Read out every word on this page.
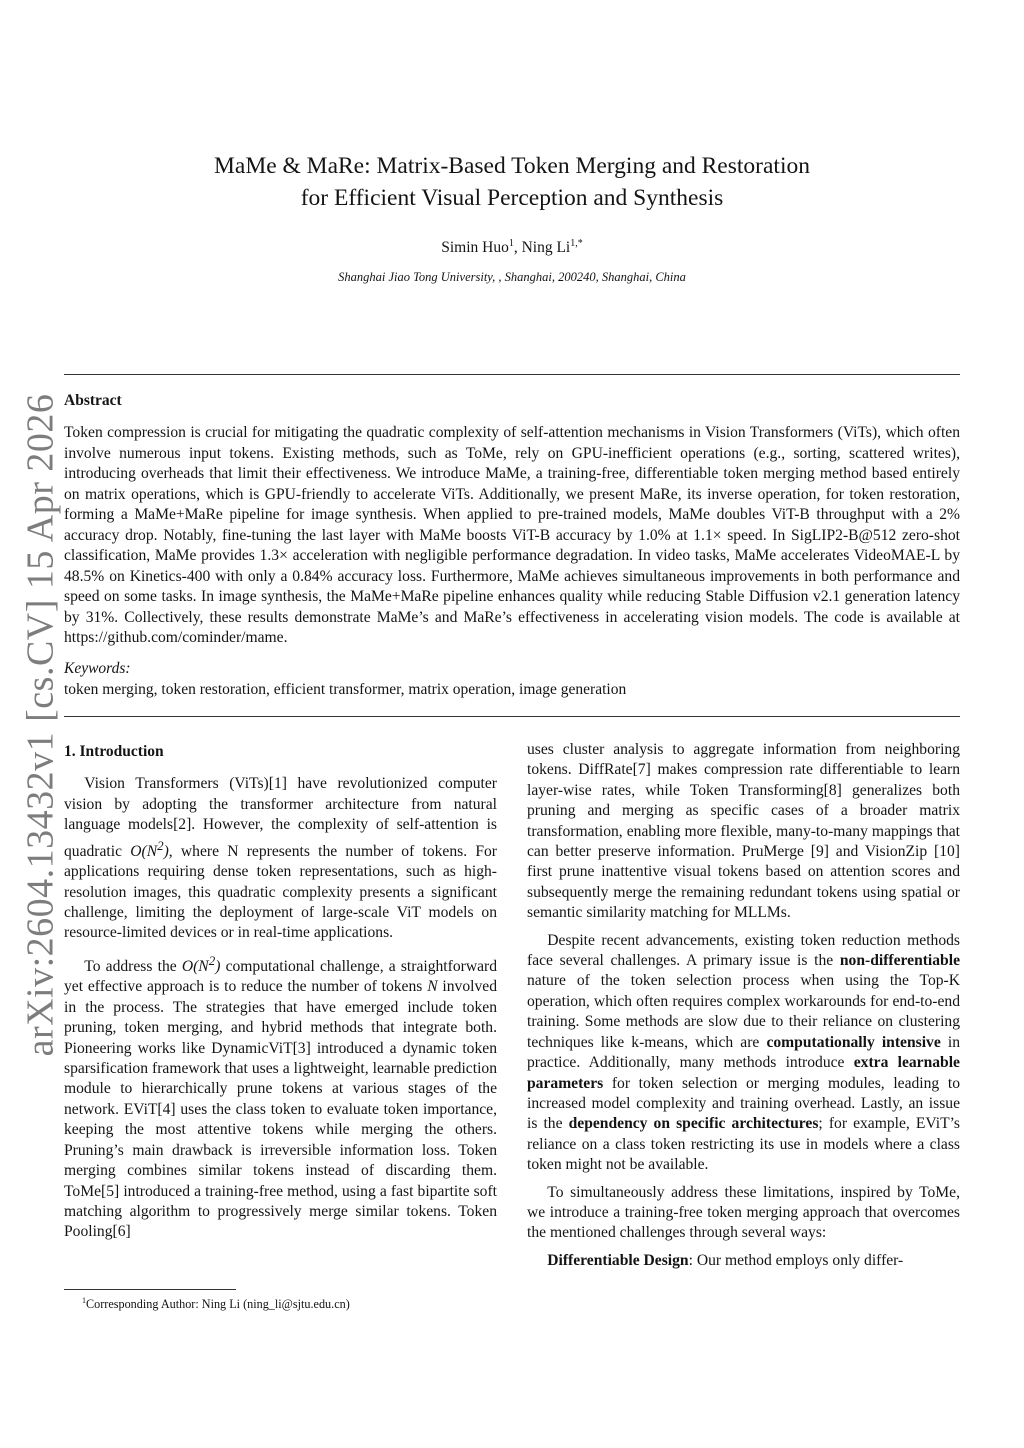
arXiv:2604.13432v1 [cs.CV] 15 Apr 2026
MaMe & MaRe: Matrix-Based Token Merging and Restoration
for Efficient Visual Perception and Synthesis
Simin Huo$^1$, Ning $Li^{1,*}$
Shanghai Jiao Tong University, , Shanghai, 200240, Shanghai, China
Abstract

Token compression is crucial for mitigating the quadratic complexity of self-attention mechanisms in Vision Transformers (ViTs), which often involve numerous input tokens. Existing methods, such as ToMe, rely on GPU-inefficient operations (e.g., sorting, scattered writes), introducing overheads that limit their effectiveness. We introduce MaMe, a training-free, differentiable token merging method based entirely on matrix operations, which is GPU-friendly to accelerate ViTs. Additionally, we present MaRe, its inverse operation, for token restoration, forming a MaMe+MaRe pipeline for image synthesis. When applied to pre-trained models, MaMe doubles ViT-B throughput with a 2% accuracy drop. Notably, fine-tuning the last layer with MaMe boosts ViT-B accuracy by 1.0% at 1.1× speed. In SigLIP2-B@512 zero-shot classification, MaMe provides 1.3× acceleration with negligible performance degradation. In video tasks, MaMe accelerates VideoMAE-L by 48.5% on Kinetics-400 with only a 0.84% accuracy loss. Furthermore, MaMe achieves simultaneous improvements in both performance and speed on some tasks. In image synthesis, the MaMe+MaRe pipeline enhances quality while reducing Stable Diffusion v2.1 generation latency by 31%. Collectively, these results demonstrate MaMe’s and MaRe’s effectiveness in accelerating vision models. The code is available at https://github.com/cominder/mame.

Keywords:
token merging, token restoration, efficient transformer, matrix operation, image generation
1. Introduction

Vision Transformers (ViTs)[1] have revolutionized computer vision by adopting the transformer architecture from natural language models[2]. However, the complexity of self-attention is quadratic $O(N^2)$, where N represents the number of tokens. For applications requiring dense token representations, such as high-resolution images, this quadratic complexity presents a significant challenge, limiting the deployment of large-scale ViT models on resource-limited devices or in real-time applications.

To address the $O(N^2)$ computational challenge, a straightforward yet effective approach is to reduce the number of tokens N involved in the process. The strategies that have emerged include token pruning, token merging, and hybrid methods that integrate both. Pioneering works like DynamicViT[3] introduced a dynamic token sparsification framework that uses a lightweight, learnable prediction module to hierarchically prune tokens at various stages of the network. EViT[4] uses the class token to evaluate token importance, keeping the most attentive tokens while merging the others. Pruning’s main drawback is irreversible information loss. Token merging combines similar tokens instead of discarding them. ToMe[5] introduced a training-free method, using a fast bipartite soft matching algorithm to progressively merge similar tokens. Token Pooling[6]

uses cluster analysis to aggregate information from neighboring tokens. DiffRate[7] makes compression rate differentiable to learn layer-wise rates, while Token Transforming[8] generalizes both pruning and merging as specific cases of a broader matrix transformation, enabling more flexible, many-to-many mappings that can better preserve information. PruMerge [9] and VisionZip [10] first prune inattentive visual tokens based on attention scores and subsequently merge the remaining redundant tokens using spatial or semantic similarity matching for MLLMs.

Despite recent advancements, existing token reduction methods face several challenges. A primary issue is the non-differentiable nature of the token selection process when using the Top-K operation, which often requires complex workarounds for end-to-end training. Some methods are slow due to their reliance on clustering techniques like k-means, which are computationally intensive in practice. Additionally, many methods introduce extra learnable parameters for token selection or merging modules, leading to increased model complexity and training overhead. Lastly, an issue is the dependency on specific architectures; for example, EViT’s reliance on a class token restricting its use in models where a class token might not be available.

To simultaneously address these limitations, inspired by ToMe, we introduce a training-free token merging approach that overcomes the mentioned challenges through several ways:

Differentiable Design: Our method employs only differ-

$^1$Corresponding Author: Ning Li (ning_li@sjtu.edu.cn)
